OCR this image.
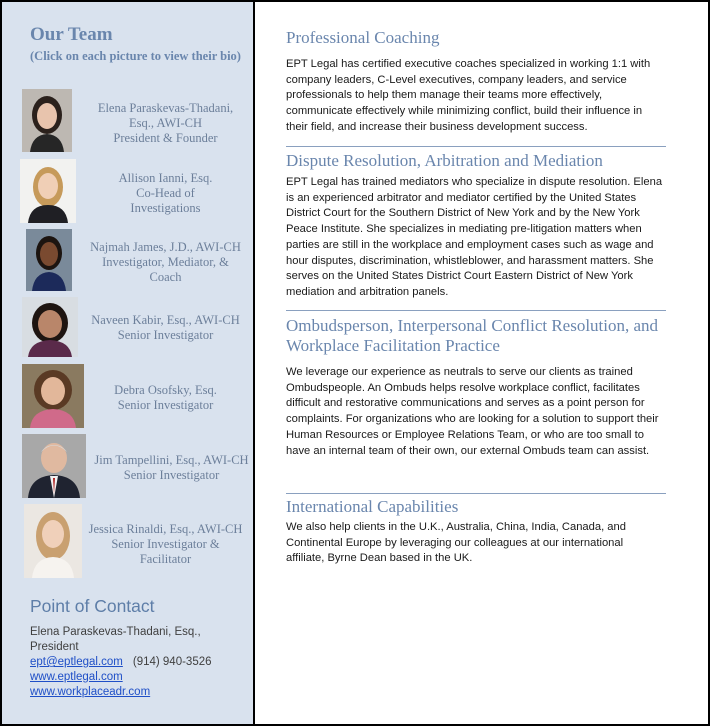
Our Team
(Click on each picture to view their bio)
Elena Paraskevas-Thadani,
Esq., AWI-CH
President & Founder
Allison Ianni, Esq.
Co-Head of
Investigations
Najmah James, J.D., AWI-CH
Investigator, Mediator, &
Coach
Naveen Kabir, Esq., AWI-CH
Senior Investigator
Debra Osofsky, Esq.
Senior Investigator
Jim Tampellini, Esq., AWI-CH
Senior Investigator
Jessica Rinaldi, Esq., AWI-CH
Senior Investigator &
Facilitator
Point of Contact
Elena Paraskevas-Thadani, Esq.,
President
ept@eptlegal.com (914) 940-3526
www.eptlegal.com
www.workplaceadr.com
Professional Coaching
EPT Legal has certified executive coaches specialized in working 1:1 with
company leaders, C-Level executives, company leaders, and service
professionals to help them manage their teams more effectively,
communicate effectively while minimizing conflict, build their influence in
their field, and increase their business development success.
Dispute Resolution, Arbitration and Mediation
EPT Legal has trained mediators who specialize in dispute resolution. Elena
is an experienced arbitrator and mediator certified by the United States
District Court for the Southern District of New York and by the New York
Peace Institute. She specializes in mediating pre-litigation matters when
parties are still in the workplace and employment cases such as wage and
hour disputes, discrimination, whistleblower, and harassment matters. She
serves on the United States District Court Eastern District of New York
mediation and arbitration panels.
Ombudsperson, Interpersonal Conflict Resolution, and
Workplace Facilitation Practice
We leverage our experience as neutrals to serve our clients as trained
Ombudspeople. An Ombuds helps resolve workplace conflict, facilitates
difficult and restorative communications and serves as a point person for
complaints. For organizations who are looking for a solution to support their
Human Resources or Employee Relations Team, or who are too small to
have an internal team of their own, our external Ombuds team can assist.
International Capabilities
We also help clients in the U.K., Australia, China, India, Canada, and
Continental Europe by leveraging our colleagues at our international
affiliate, Byrne Dean based in the UK.
